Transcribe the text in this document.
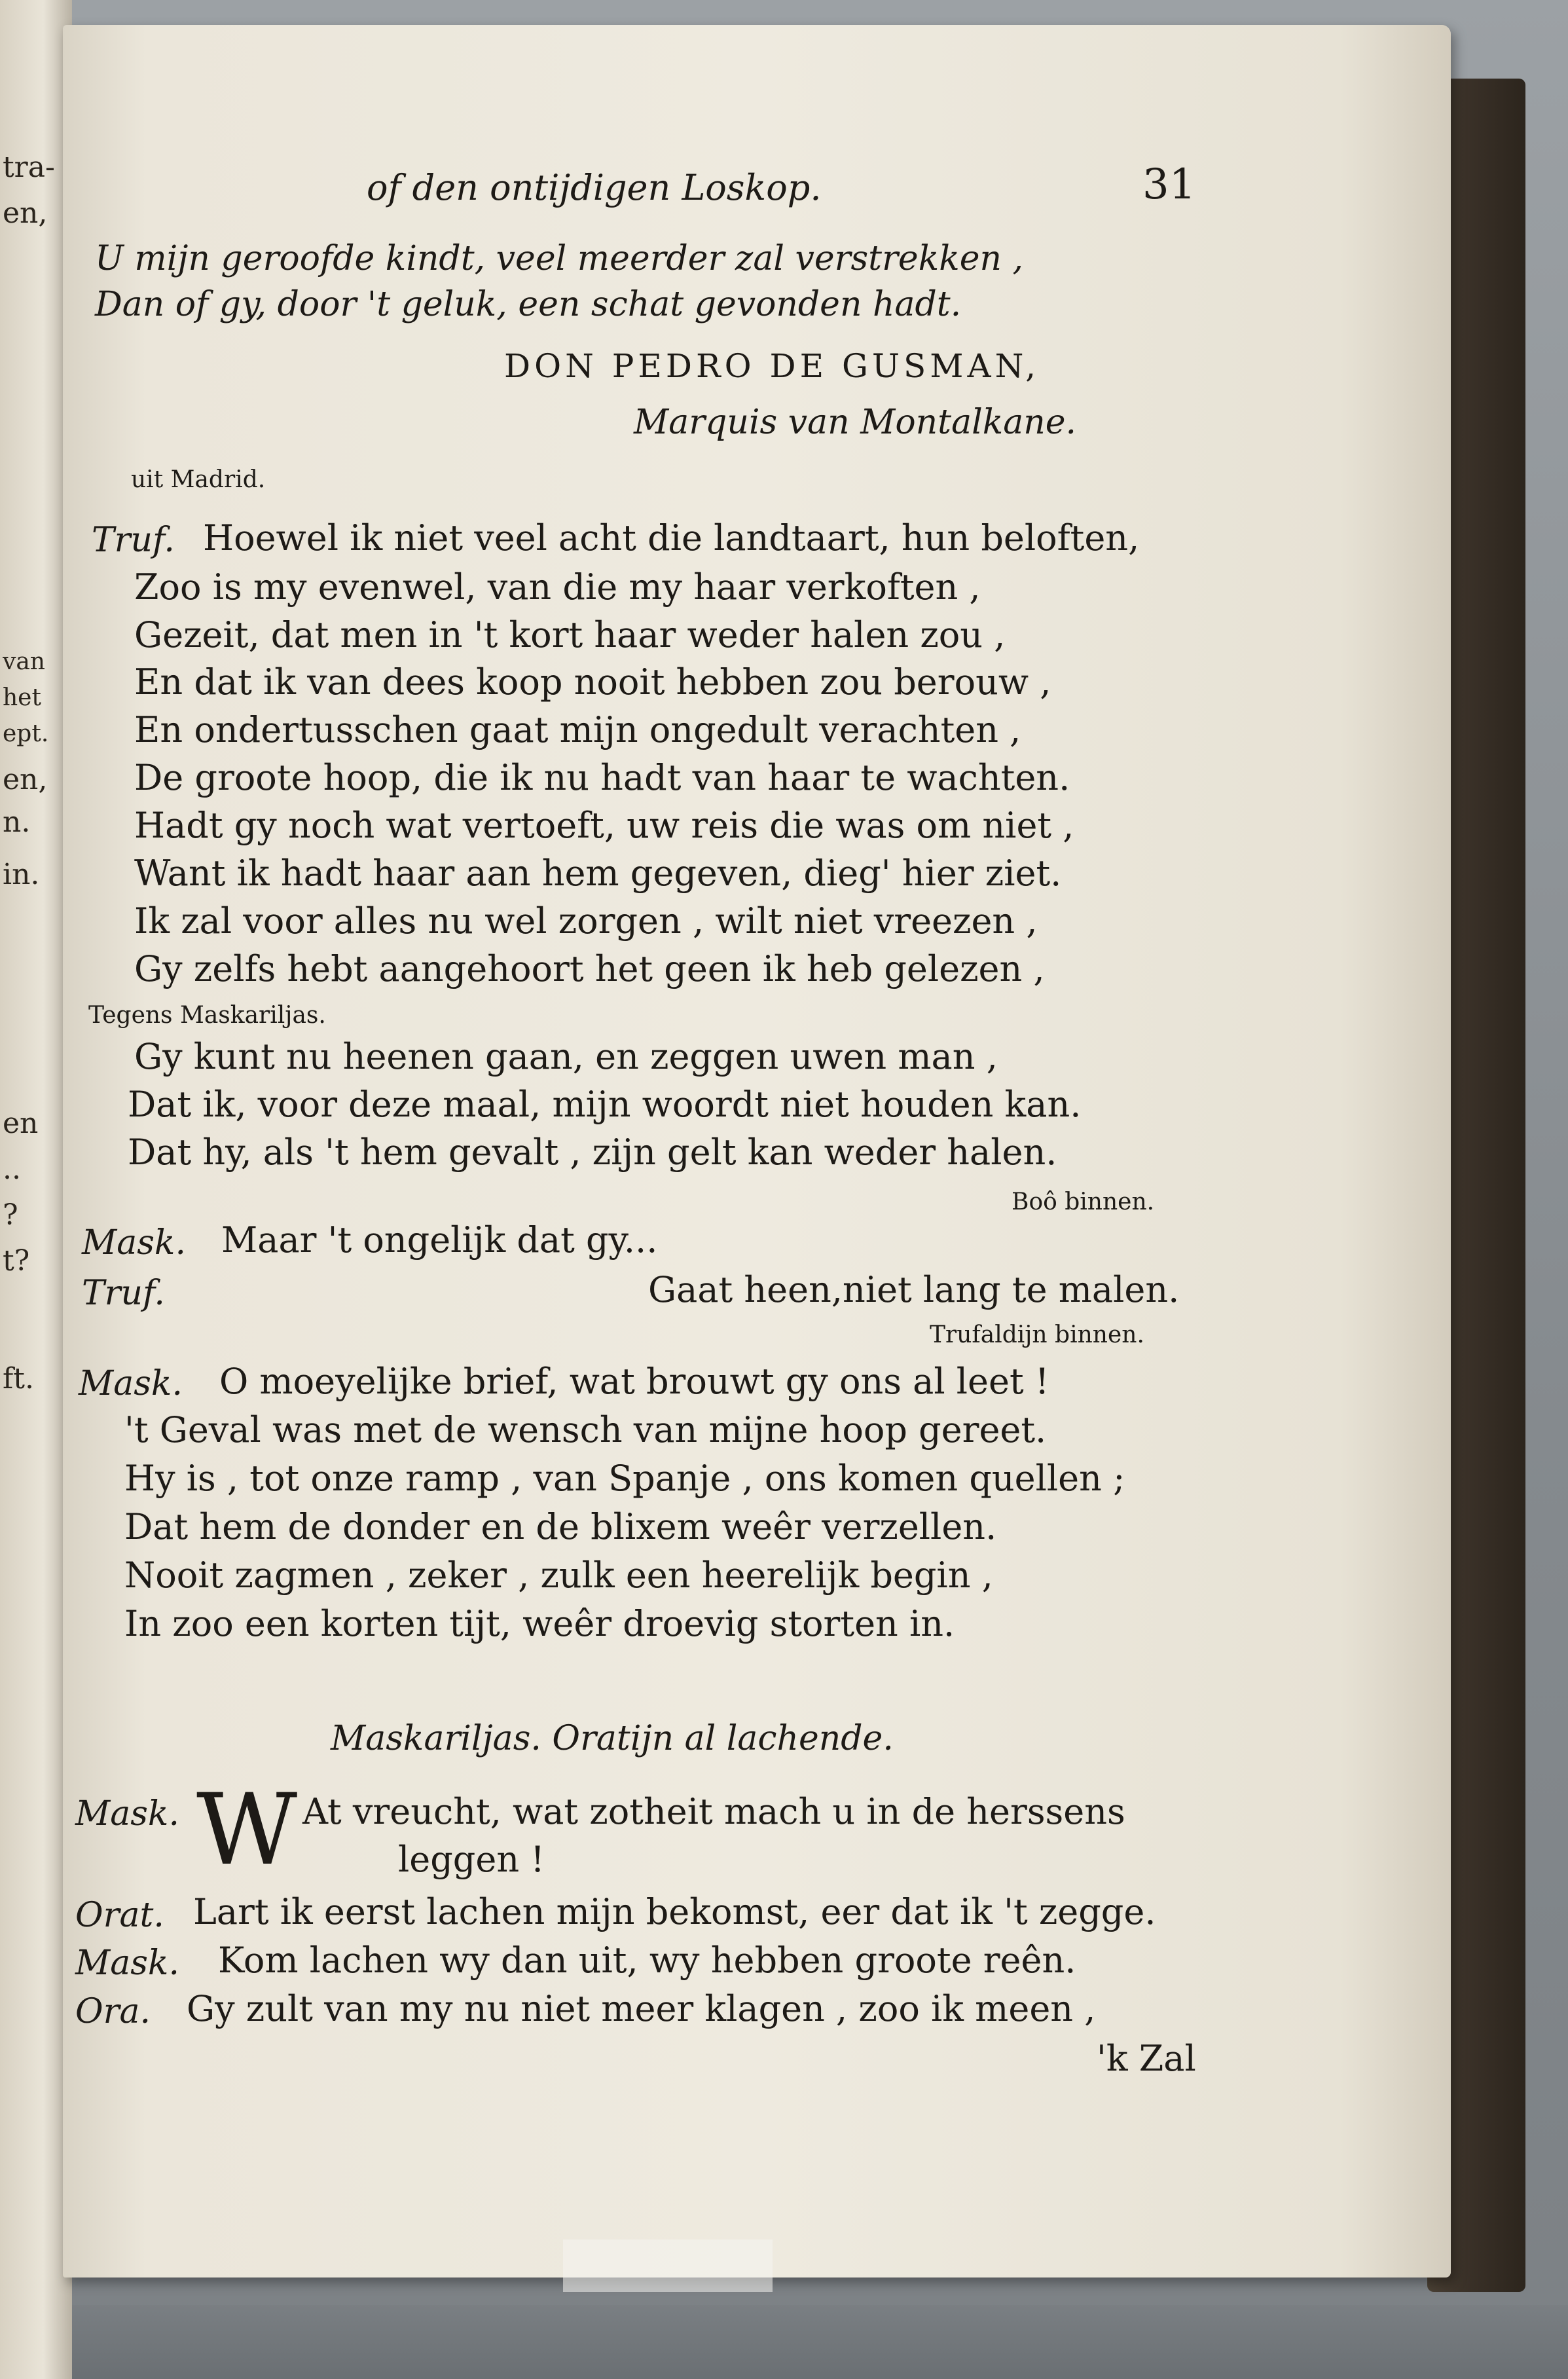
tra-
en,
van
het
ept.
en,
n.
in.
en
..
?
t?
ft.
of den ontijdigen Loskop.	31
U mijn geroofde kindt, veel meerder zal verstrekken ,
Dan of gy, door 't geluk, een schat gevonden hadt.
DON PEDRO DE GUSMAN,
Marquis van Montalkane.
uit Madrid.
Truf. Hoewel ik niet veel acht die landtaart, hun beloften,
Zoo is my evenwel, van die my haar verkoften ,
Gezeit, dat men in 't kort haar weder halen zou ,
En dat ik van dees koop nooit hebben zou berouw ,
En ondertusschen gaat mijn ongedult verachten ,
De groote hoop, die ik nu hadt van haar te wachten.
Hadt gy noch wat vertoeft, uw reis die was om niet ,
Want ik hadt haar aan hem gegeven, dieg' hier ziet.
Ik zal voor alles nu wel zorgen , wilt niet vreezen ,
Gy zelfs hebt aangehoort het geen ik heb gelezen ,
Tegens Maskariljas.
Gy kunt nu heenen gaan, en zeggen uwen man ,
Dat ik, voor deze maal, mijn woordt niet houden kan.
Dat hy, als 't hem gevalt , zijn gelt kan weder halen.
Boô binnen.
Mask. Maar 't ongelijk dat gy...
Truf.	Gaat heen,niet lang te malen.
Trufaldijn binnen.
Mask. O moeyelijke brief, wat brouwt gy ons al leet !
't Geval was met de wensch van mijne hoop gereet.
Hy is , tot onze ramp , van Spanje , ons komen quellen ;
Dat hem de donder en de blixem weêr verzellen.
Nooit zagmen , zeker , zulk een heerelijk begin ,
In zoo een korten tijt, weêr droevig storten in.
Maskariljas. Oratijn al lachende.
Mask. W At vreucht, wat zotheit mach u in de herssens
leggen !
Orat. Lart ik eerst lachen mijn bekomst, eer dat ik 't zegge.
Mask. Kom lachen wy dan uit, wy hebben groote reên.
Ora. Gy zult van my nu niet meer klagen , zoo ik meen ,
'k Zal
